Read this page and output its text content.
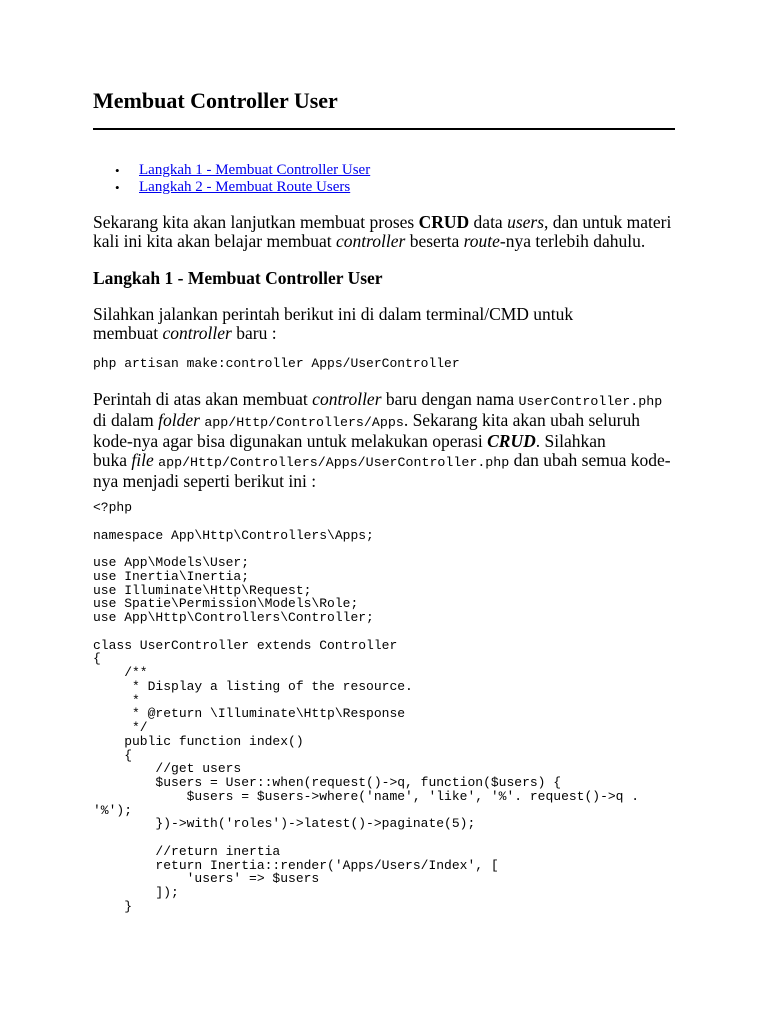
Membuat Controller User
• Langkah 1 - Membuat Controller User
• Langkah 2 - Membuat Route Users

Sekarang kita akan lanjutkan membuat proses CRUD data users, dan untuk materi kali ini kita akan belajar membuat controller beserta route-nya terlebih dahulu.

Langkah 1 - Membuat Controller User

Silahkan jalankan perintah berikut ini di dalam terminal/CMD untuk
membuat controller baru :

php artisan make:controller Apps/UserController

Perintah di atas akan membuat controller baru dengan nama UserController.php di dalam folder app/Http/Controllers/Apps. Sekarang kita akan ubah seluruh kode-nya agar bisa digunakan untuk melakukan operasi CRUD. Silahkan
buka file app/Http/Controllers/Apps/UserController.php dan ubah semua kode-nya menjadi seperti berikut ini :

<?php
namespace App\Http\Controllers\Apps;
use App\Models\User;
use Inertia\Inertia;
use Illuminate\Http\Request;
use Spatie\Permission\Models\Role;
use App\Http\Controllers\Controller;
class UserController extends Controller
{
/**
* Display a listing of the resource.
*
* @return \Illuminate\Http\Response
*/
public function index()
{
//get users
$users = User::when(request()->q, function($users) {
$users = $users->where('name', 'like', '%'. request()->q .
'%');
})->with('roles')->latest()->paginate(5);
//return inertia
return Inertia::render('Apps/Users/Index', [
'users' => $users
]);
}
